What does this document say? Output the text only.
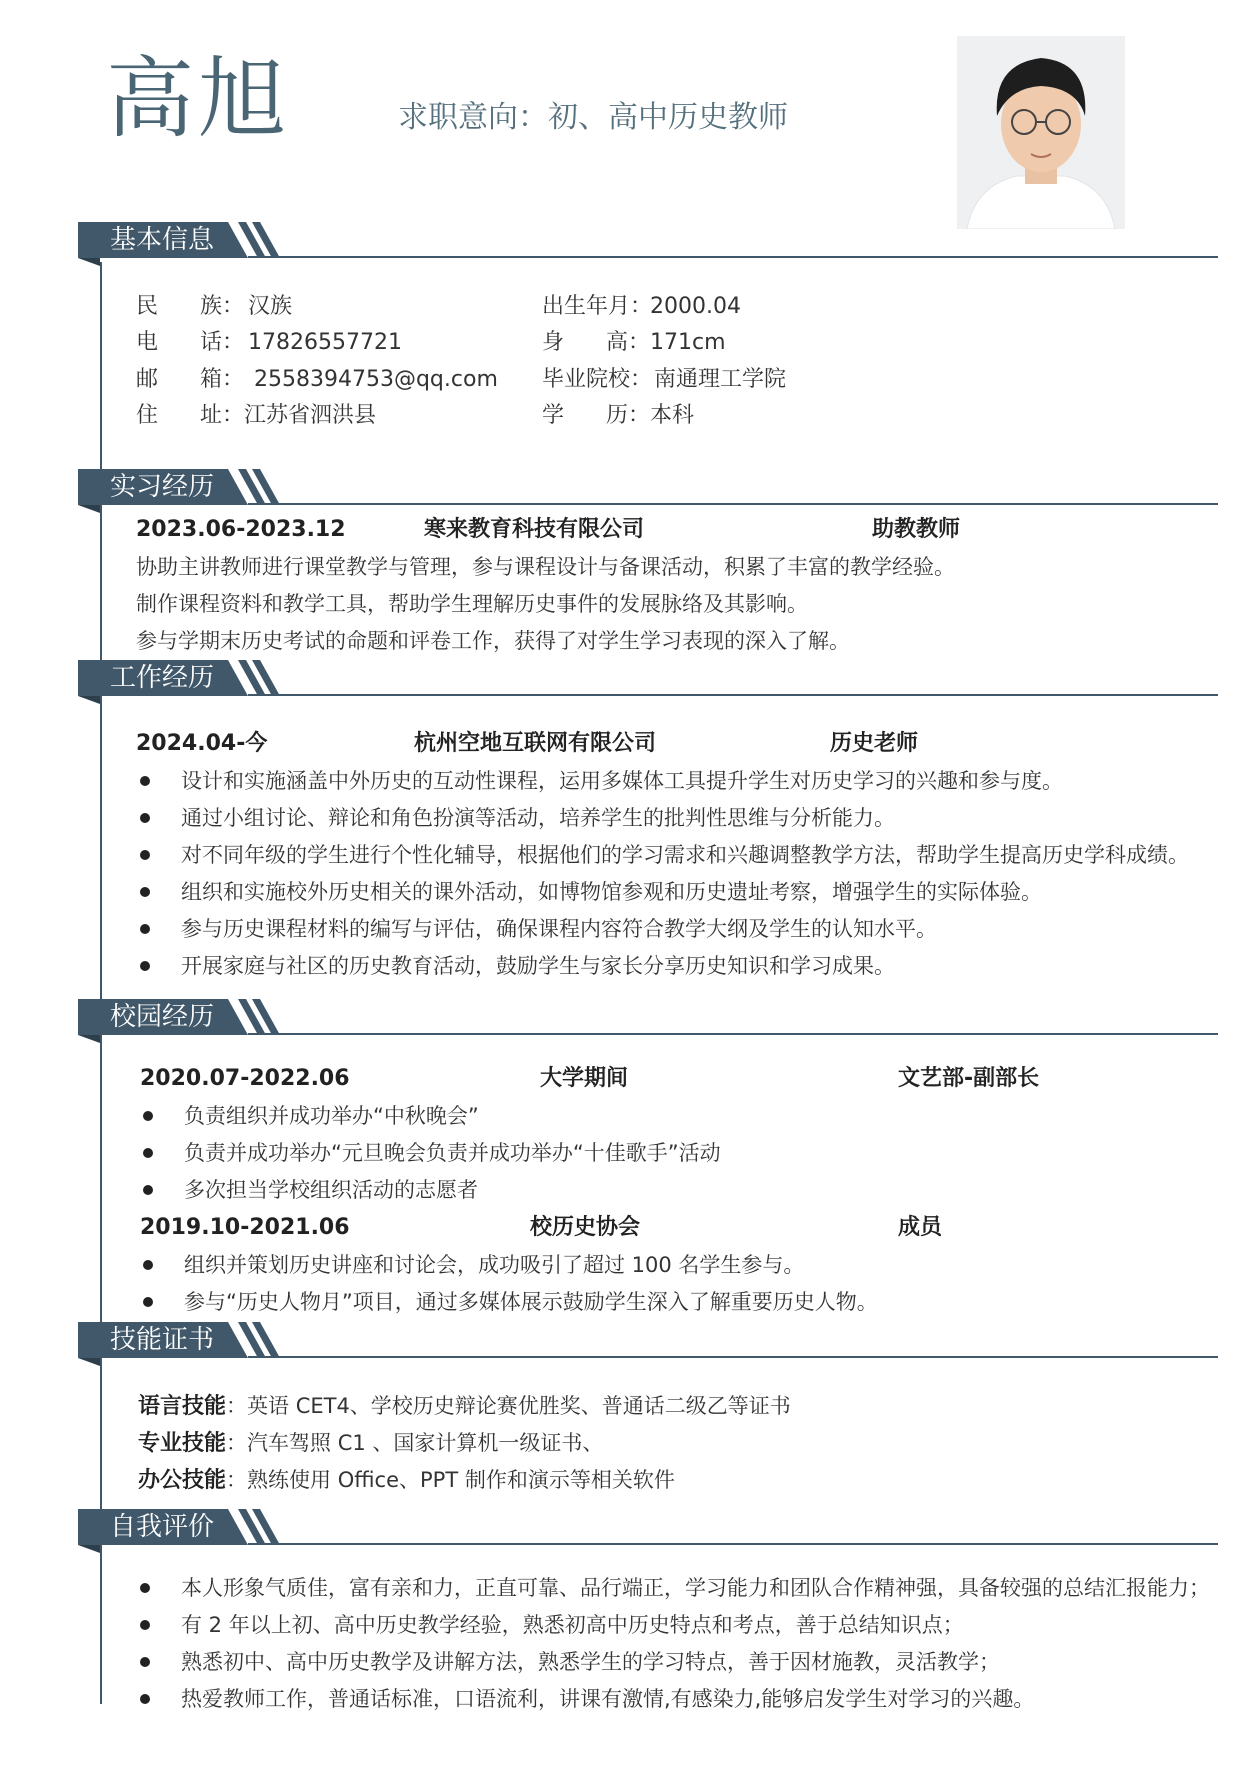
高旭	求职意向：初、高中历史教师
基本信息
民      族： 汉族
电      话： 17826557721
邮      箱： 2558394753@qq.com
住      址： 江苏省泗洪县
出生年月：
2000.04
身      高： 171cm
毕业院校： 南通理工学院
学      历： 本科
实习经历
2023.06-2023.12	寒来教育科技有限公司	助教教师
协助主讲教师进行课堂教学与管理，参与课程设计与备课活动，积累了丰富的教学经验。
制作课程资料和教学工具，帮助学生理解历史事件的发展脉络及其影响。
参与学期末历史考试的命题和评卷工作，获得了对学生学习表现的深入了解。
工作经历
2024.04-今	杭州空地互联网有限公司	历史老师
设计和实施涵盖中外历史的互动性课程，运用多媒体工具提升学生对历史学习的兴趣和参与度。
通过小组讨论、辩论和角色扮演等活动，培养学生的批判性思维与分析能力。
对不同年级的学生进行个性化辅导，根据他们的学习需求和兴趣调整教学方法，帮助学生提高历史学科成绩。
组织和实施校外历史相关的课外活动，如博物馆参观和历史遗址考察，增强学生的实际体验。
参与历史课程材料的编写与评估，确保课程内容符合教学大纲及学生的认知水平。
开展家庭与社区的历史教育活动，鼓励学生与家长分享历史知识和学习成果。
校园经历
2020.07-2022.06	大学期间	文艺部-副部长
负责组织并成功举办“中秋晚会”
负责并成功举办“元旦晚会负责并成功举办“十佳歌手”活动
多次担当学校组织活动的志愿者
2019.10-2021.06	校历史协会	成员
组织并策划历史讲座和讨论会，成功吸引了超过 100 名学生参与。
参与“历史人物月”项目，通过多媒体展示鼓励学生深入了解重要历史人物。
技能证书
语言技能：英语 CET4、学校历史辩论赛优胜奖、普通话二级乙等证书
专业技能：汽车驾照 C1 、国家计算机一级证书、
办公技能：熟练使用 Office、PPT 制作和演示等相关软件
自我评价
本人形象气质佳，富有亲和力，正直可靠、品行端正，学习能力和团队合作精神强，具备较强的总结汇报能力；
有 2 年以上初、高中历史教学经验，熟悉初高中历史特点和考点，善于总结知识点；
熟悉初中、高中历史教学及讲解方法，熟悉学生的学习特点，善于因材施教，灵活教学；
热爱教师工作，普通话标准，口语流利，讲课有激情,有感染力,能够启发学生对学习的兴趣。
